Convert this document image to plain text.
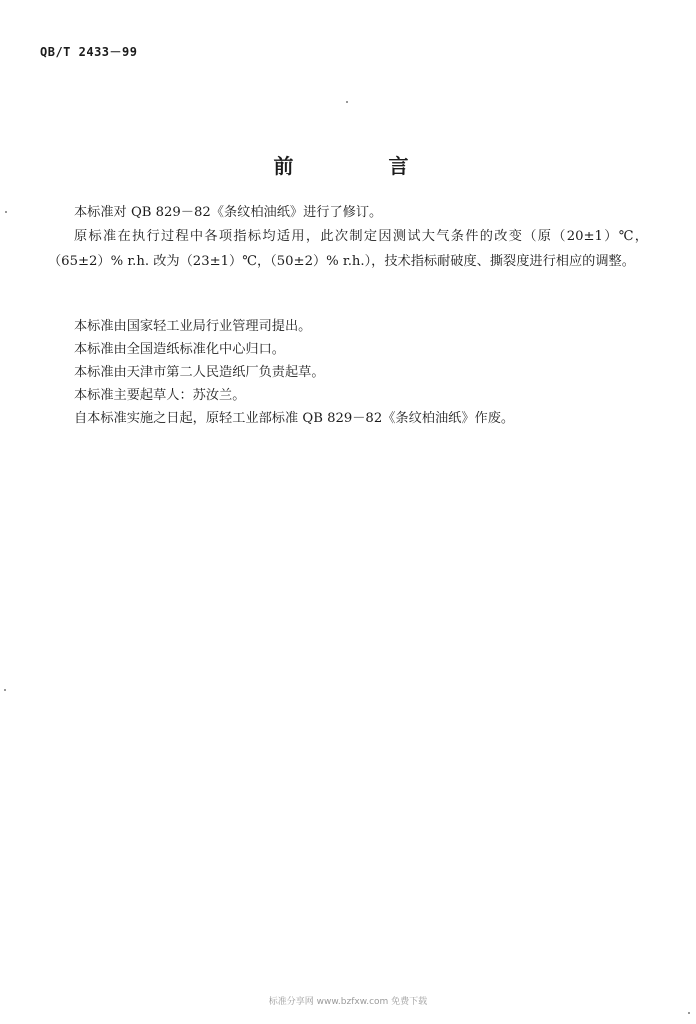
QB/T 2433－99
前 言
本标准对 QB 829－82《条纹柏油纸》进行了修订。
原标准在执行过程中各项指标均适用，此次制定因测试大气条件的改变（原（20±1）℃，（65±2）% r.h. 改为（23±1）℃，（50±2）% r.h.），技术指标耐破度、撕裂度进行相应的调整。
本标准由国家轻工业局行业管理司提出。
本标准由全国造纸标准化中心归口。
本标准由天津市第二人民造纸厂负责起草。
本标准主要起草人：苏汝兰。
自本标准实施之日起，原轻工业部标准 QB 829－82《条纹柏油纸》作废。
标准分享网 www.bzfxw.com 免费下载
